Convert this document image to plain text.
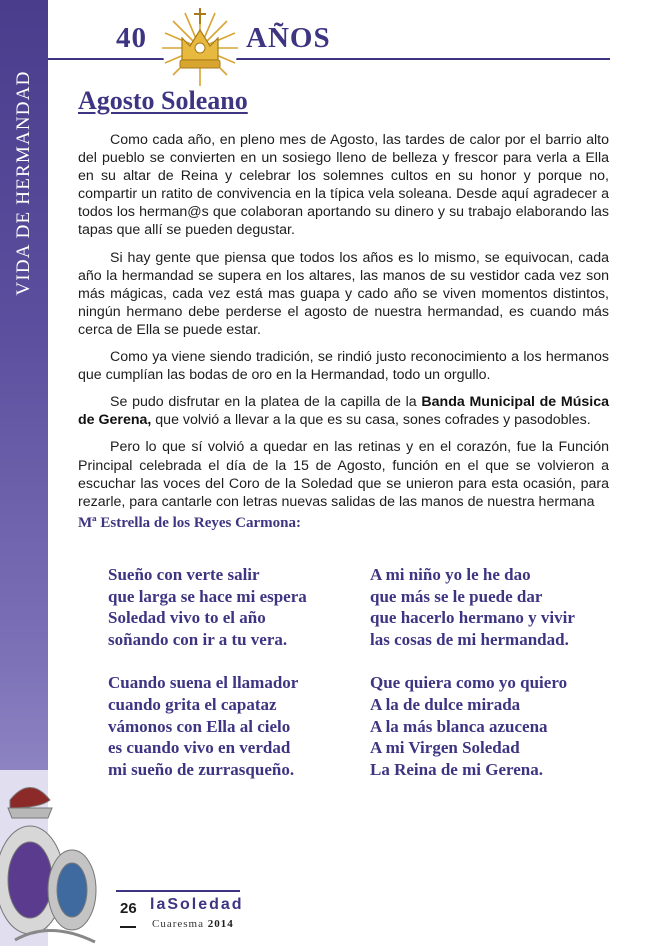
VIDA DE HERMANDAD
40	AÑOS
Agosto Soleano

Como cada año, en pleno mes de Agosto, las tardes de calor por el barrio alto del pueblo se convierten en un sosiego lleno de belleza y frescor para verla a Ella en su altar de Reina y celebrar los solemnes cultos en su honor y porque no, compartir un ratito de convivencia en la típica vela soleana. Desde aquí agradecer a todos los herman@s que colaboran aportando su dinero y su trabajo elaborando las tapas que allí se pueden degustar.

Si hay gente que piensa que todos los años es lo mismo, se equivocan, cada año la hermandad se supera en los altares, las manos de su vestidor cada vez son más mágicas, cada vez está mas guapa y cado año se viven momentos distintos, ningún hermano debe perderse el agosto de nuestra hermandad, es cuando más cerca de Ella se puede estar.

Como ya viene siendo tradición, se rindió justo reconocimiento a los hermanos que cumplían las bodas de oro en la Hermandad, todo un orgullo.

Se pudo disfrutar en la platea de la capilla de la Banda Municipal de Música de Gerena, que volvió a llevar a la que es su casa, sones cofrades y pasodobles.

Pero lo que sí volvió a quedar en las retinas y en el corazón, fue la Función Principal celebrada el día de la 15 de Agosto, función en el que se volvieron a escuchar las voces del Coro de la Soledad que se unieron para esta ocasión, para rezarle, para cantarle con letras nuevas salidas de las manos de nuestra hermana

Mª Estrella de los Reyes Carmona:

Sueño con verte salir
que larga se hace mi espera
Soledad vivo to el año
soñando con ir a tu vera.
Cuando suena el llamador
cuando grita el capataz
vámonos con Ella al cielo
es cuando vivo en verdad
mi sueño de zurrasqueño.
A mi niño yo le he dao
que más se le puede dar
que hacerlo hermano y vivir
las cosas de mi hermandad.
Que quiera como yo quiero
A la de dulce mirada
A la más blanca azucena
A mi Virgen Soledad
La Reina de mi Gerena.
26 laSoledad
Cuaresma 2014
